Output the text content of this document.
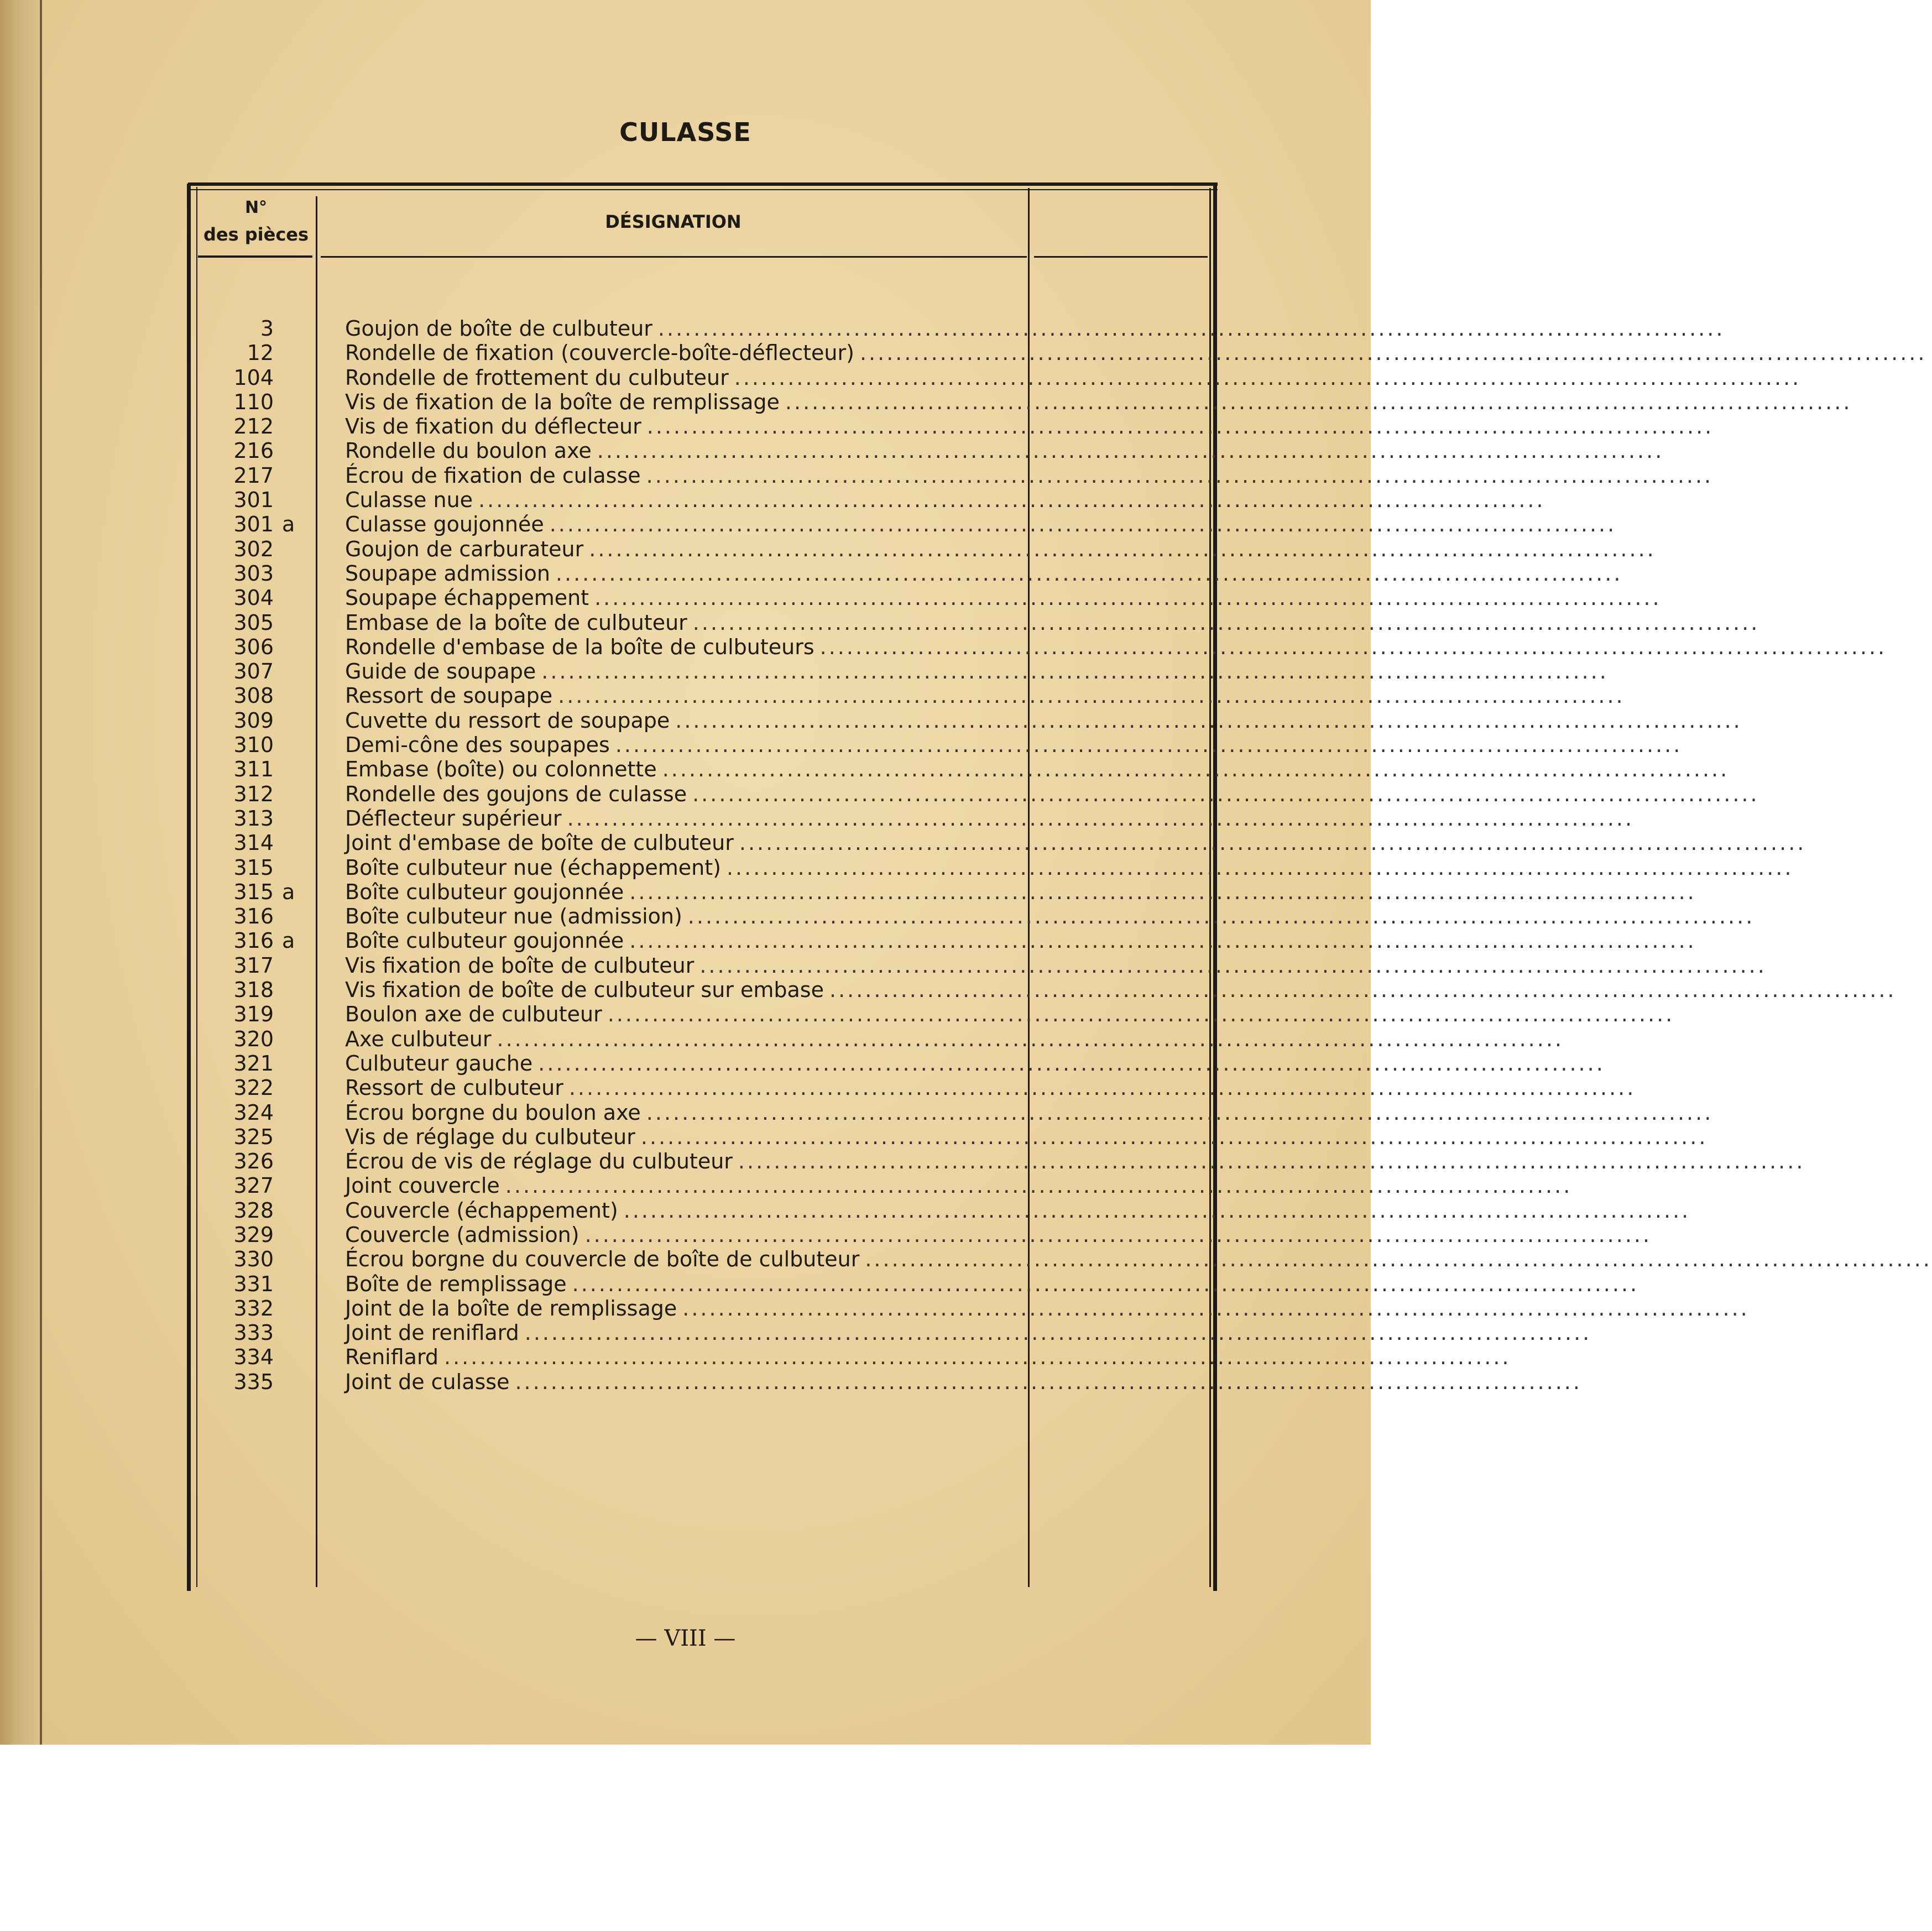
CULASSE
N°
des pièces
DÉSIGNATION
3	Goujon de boîte de culbuteur ........................................................................................................................
12	Rondelle de fixation (couvercle-boîte-déflecteur) ........................................................................................................................
104	Rondelle de frottement du culbuteur ........................................................................................................................
110	Vis de fixation de la boîte de remplissage ........................................................................................................................
212	Vis de fixation du déflecteur ........................................................................................................................
216	Rondelle du boulon axe ........................................................................................................................
217	Écrou de fixation de culasse ........................................................................................................................
301	Culasse nue ........................................................................................................................
301 a Culasse goujonnée ........................................................................................................................
302	Goujon de carburateur ........................................................................................................................
303	Soupape admission ........................................................................................................................
304	Soupape échappement ........................................................................................................................
305	Embase de la boîte de culbuteur ........................................................................................................................
306	Rondelle d'embase de la boîte de culbuteurs ........................................................................................................................
307	Guide de soupape ........................................................................................................................
308	Ressort de soupape ........................................................................................................................
309	Cuvette du ressort de soupape ........................................................................................................................
310	Demi-cône des soupapes ........................................................................................................................
311	Embase (boîte) ou colonnette ........................................................................................................................
312	Rondelle des goujons de culasse ........................................................................................................................
313	Déflecteur supérieur ........................................................................................................................
314	Joint d'embase de boîte de culbuteur ........................................................................................................................
315	Boîte culbuteur nue (échappement) ........................................................................................................................
315 a Boîte culbuteur goujonnée ........................................................................................................................
316	Boîte culbuteur nue (admission) ........................................................................................................................
316 a Boîte culbuteur goujonnée ........................................................................................................................
317	Vis fixation de boîte de culbuteur ........................................................................................................................
318	Vis fixation de boîte de culbuteur sur embase ........................................................................................................................
319	Boulon axe de culbuteur ........................................................................................................................
320	Axe culbuteur ........................................................................................................................
321	Culbuteur gauche ........................................................................................................................
322	Ressort de culbuteur ........................................................................................................................
324	Écrou borgne du boulon axe ........................................................................................................................
325	Vis de réglage du culbuteur ........................................................................................................................
326	Écrou de vis de réglage du culbuteur ........................................................................................................................
327	Joint couvercle ........................................................................................................................
328	Couvercle (échappement) ........................................................................................................................
329	Couvercle (admission) ........................................................................................................................
330	Écrou borgne du couvercle de boîte de culbuteur ........................................................................................................................
331	Boîte de remplissage ........................................................................................................................
332	Joint de la boîte de remplissage ........................................................................................................................
333	Joint de reniflard ........................................................................................................................
334	Reniflard ........................................................................................................................
335	Joint de culasse ........................................................................................................................
— VIII —
